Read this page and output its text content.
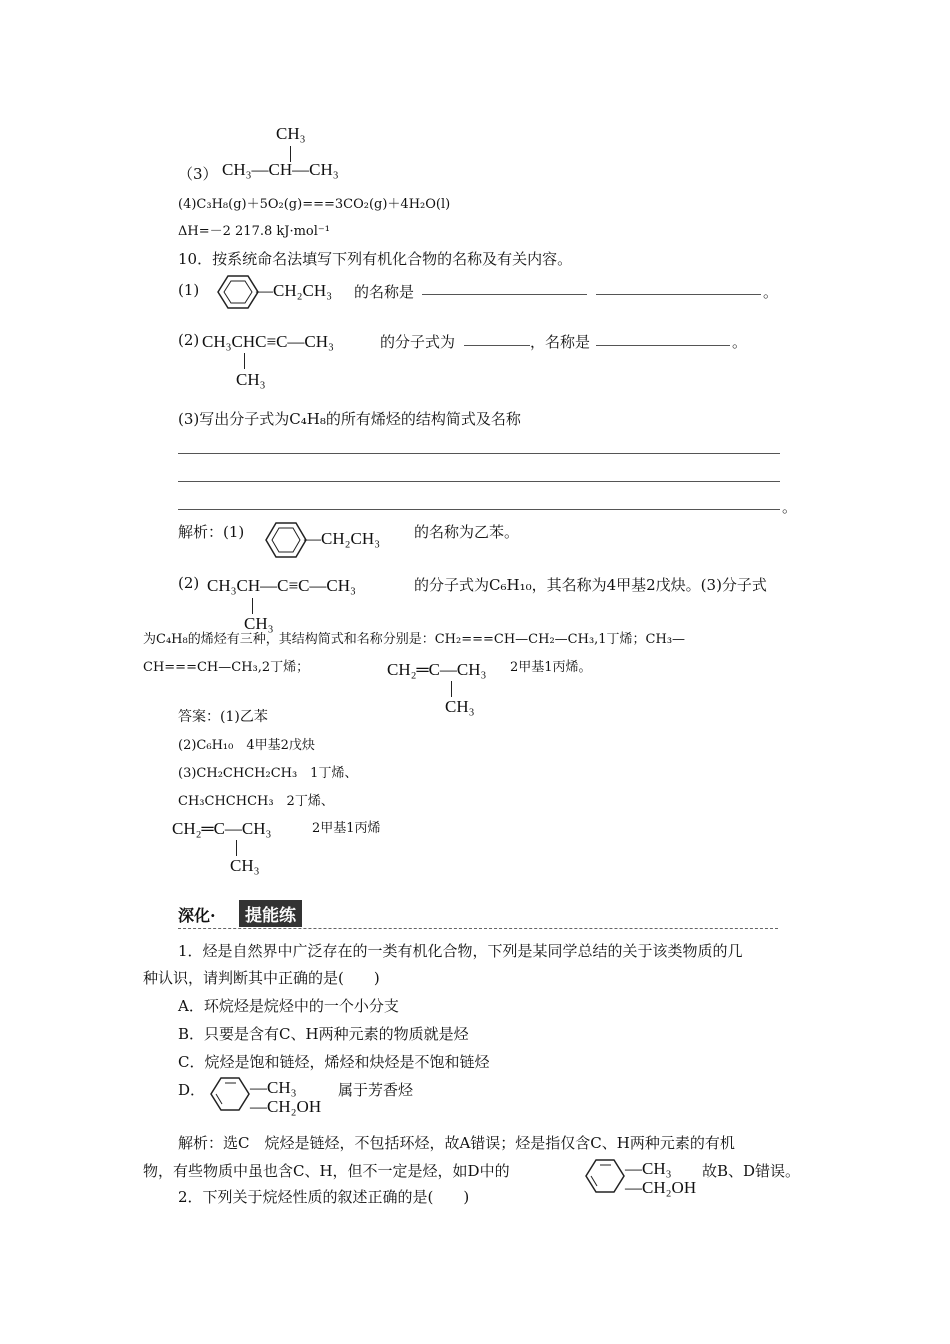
CH₃
（3） CH₃—CH—CH₃
(4)C₃H₈(g)＋5O₂(g)===3CO₂(g)＋4H₂O(l)
ΔH=－2 217.8 kJ·mol⁻¹
10．按系统命名法填写下列有机化合物的名称及有关内容。
(1)	—CH₂CH₃ 的名称是	。
(2) CH₃CHC≡C—CH₃
CH₃
的分子式为	，名称是	。
(3)写出分子式为C₄H₈的所有烯烃的结构简式及名称
。
解析：(1)	—CH₂CH₃ 的名称为乙苯。
(2) CH₃CH—C≡C—CH₃
CH₃
的分子式为C₆H₁₀，其名称为4甲基2戊炔。(3)分子式
为C₄H₈的烯烃有三种，其结构简式和名称分别是：CH₂===CH—CH₂—CH₃,1丁烯；CH₃—
CH===CH—CH₃,2丁烯；	CH₂═C—CH₃
CH₃
2甲基1丙烯。
答案：(1)乙苯
(2)C₆H₁₀　4甲基2戊炔
(3)CH₂CHCH₂CH₃　1丁烯、
CH₃CHCHCH₃　2丁烯、
CH₂═C—CH₃
CH₃
2甲基1丙烯
深化·	提能练
1．烃是自然界中广泛存在的一类有机化合物，下列是某同学总结的关于该类物质的几
种认识，请判断其中正确的是(　　)
A．环烷烃是烷烃中的一个小分支
B．只要是含有C、H两种元素的物质就是烃
C．烷烃是饱和链烃，烯烃和炔烃是不饱和链烃
D．	—CH₃
—CH₂OH
属于芳香烃
解析：选C　烷烃是链烃，不包括环烃，故A错误；烃是指仅含C、H两种元素的有机
物，有些物质中虽也含C、H，但不一定是烃，如D中的	—CH₃
—CH₂OH
故B、D错误。
2．下列关于烷烃性质的叙述正确的是(　　)
